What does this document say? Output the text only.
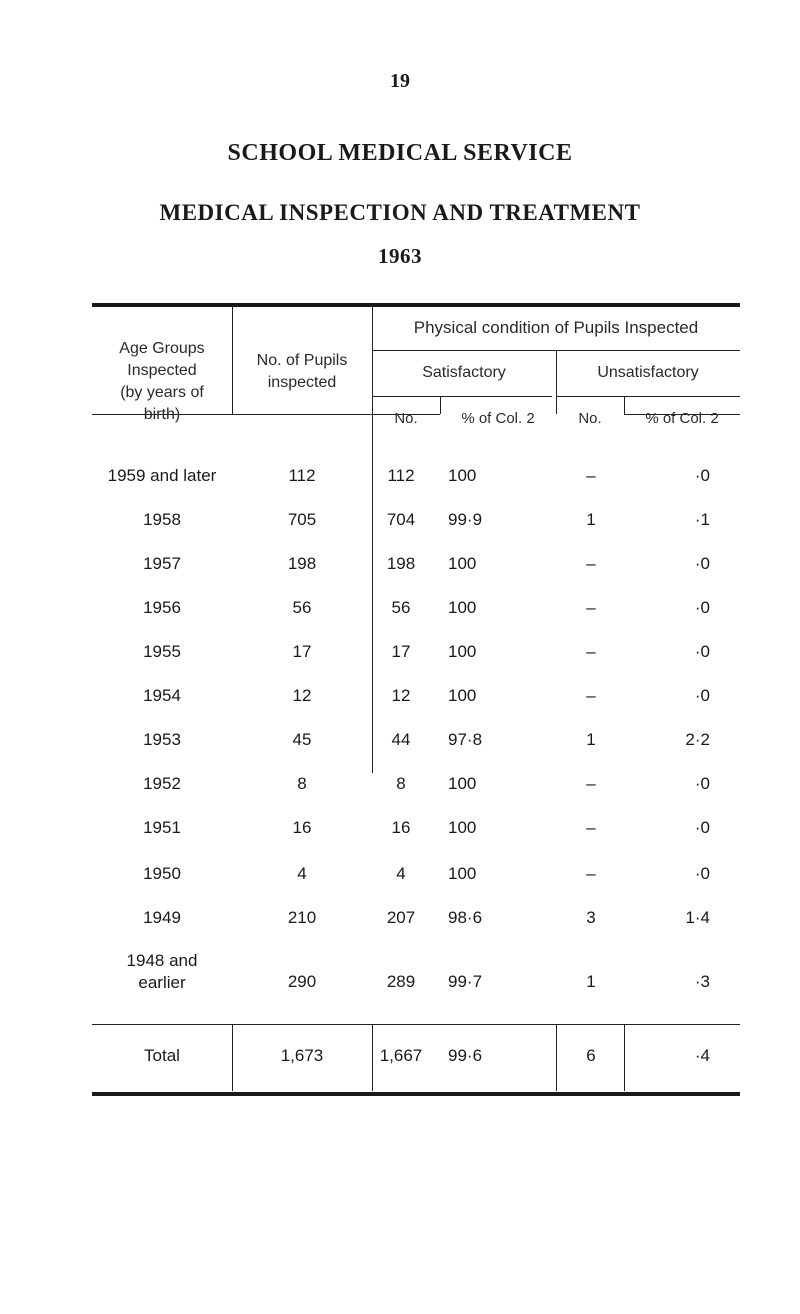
19
SCHOOL MEDICAL SERVICE
MEDICAL INSPECTION AND TREATMENT
1963
Age Groups
Inspected
(by years of
birth)
No. of Pupils
inspected
Physical condition of Pupils Inspected
Satisfactory	Unsatisfactory
No.	% of Col. 2	No.	% of Col. 2
1959 and later	112	112	100	–	·0
1958	705	704	99·9	1	·1
1957	198	198	100	–	·0
1956	56	56	100	–	·0
1955	17	17	100	–	·0
1954	12	12	100	–	·0
1953	45	44	97·8	1	2·2
1952	8	8	100	–	·0
1951	16	16	100	–	·0
1950	4	4	100	–	·0
1949	210	207	98·6	3	1·4
1948 and
earlier	290	289	99·7	1	·3
Total	1,673	1,667	99·6	6	·4
